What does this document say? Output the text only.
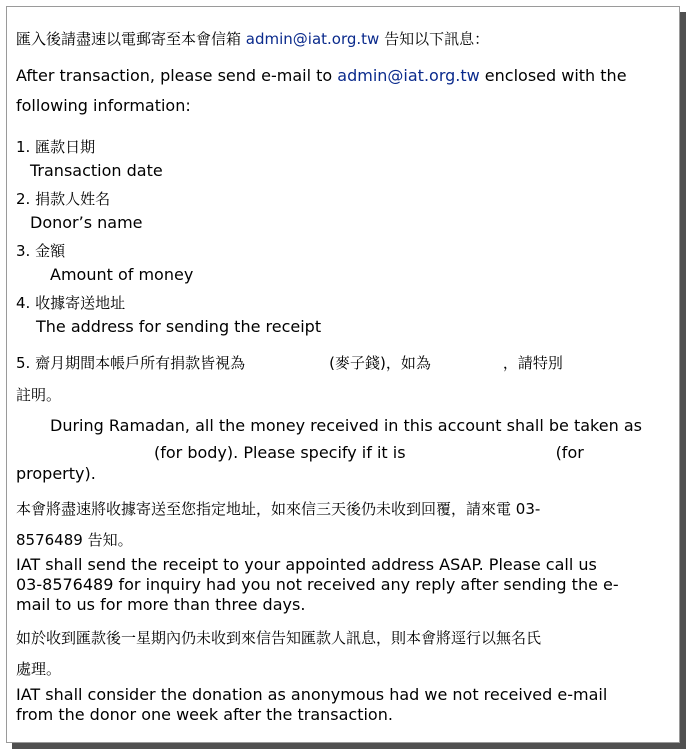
匯入後請盡速以電郵寄至本會信箱 admin@iat.org.tw 告知以下訊息：
After transaction, please send e-mail to admin@iat.org.tw enclosed with the
following information:
1. 匯款日期
Transaction date
2. 捐款人姓名
Donor’s name
3. 金額
Amount of money
4. 收據寄送地址
The address for sending the receipt
5. 齋月期間本帳戶所有捐款皆視為	(麥子錢)，如為	，請特別
註明。
During Ramadan, all the money received in this account shall be taken as
(for body). Please specify if it is	(for
property).
本會將盡速將收據寄送至您指定地址，如來信三天後仍未收到回覆，請來電 03-
8576489 告知。
IAT shall send the receipt to your appointed address ASAP. Please call us
03-8576489 for inquiry had you not received any reply after sending the e-
mail to us for more than three days.
如於收到匯款後一星期內仍未收到來信告知匯款人訊息，則本會將逕行以無名氏
處理。
IAT shall consider the donation as anonymous had we not received e-mail
from the donor one week after the transaction.
